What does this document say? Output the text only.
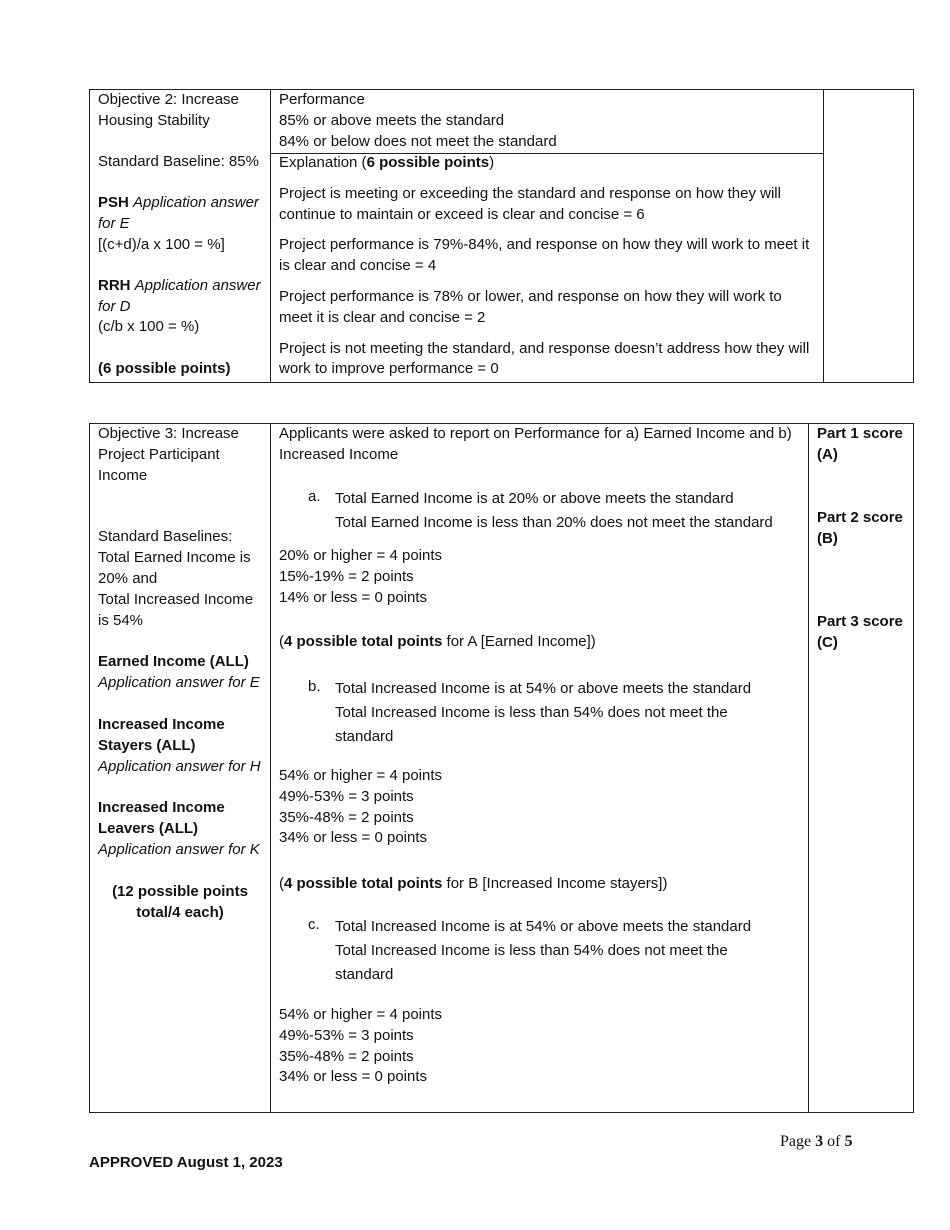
Objective 2: Increase Housing Stability
Standard Baseline: 85%
PSH Application answer for E
[(c+d)/a x 100 = %]
RRH Application answer for D
(c/b x 100 = %)
(6 possible points)
Performance
85% or above meets the standard
84% or below does not meet the standard
Explanation (6 possible points)
Project is meeting or exceeding the standard and response on how they will continue to maintain or exceed is clear and concise = 6
Project performance is 79%-84%, and response on how they will work to meet it is clear and concise = 4
Project performance is 78% or lower, and response on how they will work to meet it is clear and concise = 2
Project is not meeting the standard, and response doesn’t address how they will work to improve performance = 0
Objective 3: Increase Project Participant Income
Standard Baselines:
Total Earned Income is 20% and
Total Increased Income is 54%
Earned Income (ALL)
Application answer for E
Increased Income Stayers (ALL)
Application answer for H
Increased Income Leavers (ALL)
Application answer for K
(12 possible points total/4 each)
Applicants were asked to report on Performance for a) Earned Income and b) Increased Income
a. Total Earned Income is at 20% or above meets the standard
Total Earned Income is less than 20% does not meet the standard
20% or higher = 4 points
15%-19% = 2 points
14% or less = 0 points
(4 possible total points for A [Earned Income])
b. Total Increased Income is at 54% or above meets the standard
Total Increased Income is less than 54% does not meet the standard
54% or higher = 4 points
49%-53% = 3 points
35%-48% = 2 points
34% or less = 0 points
(4 possible total points for B [Increased Income stayers])
c. Total Increased Income is at 54% or above meets the standard
Total Increased Income is less than 54% does not meet the standard
54% or higher = 4 points
49%-53% = 3 points
35%-48% = 2 points
34% or less = 0 points
Part 1 score
(A)
Part 2 score
(B)
Part 3 score
(C)
Page 3 of 5
APPROVED August 1, 2023
